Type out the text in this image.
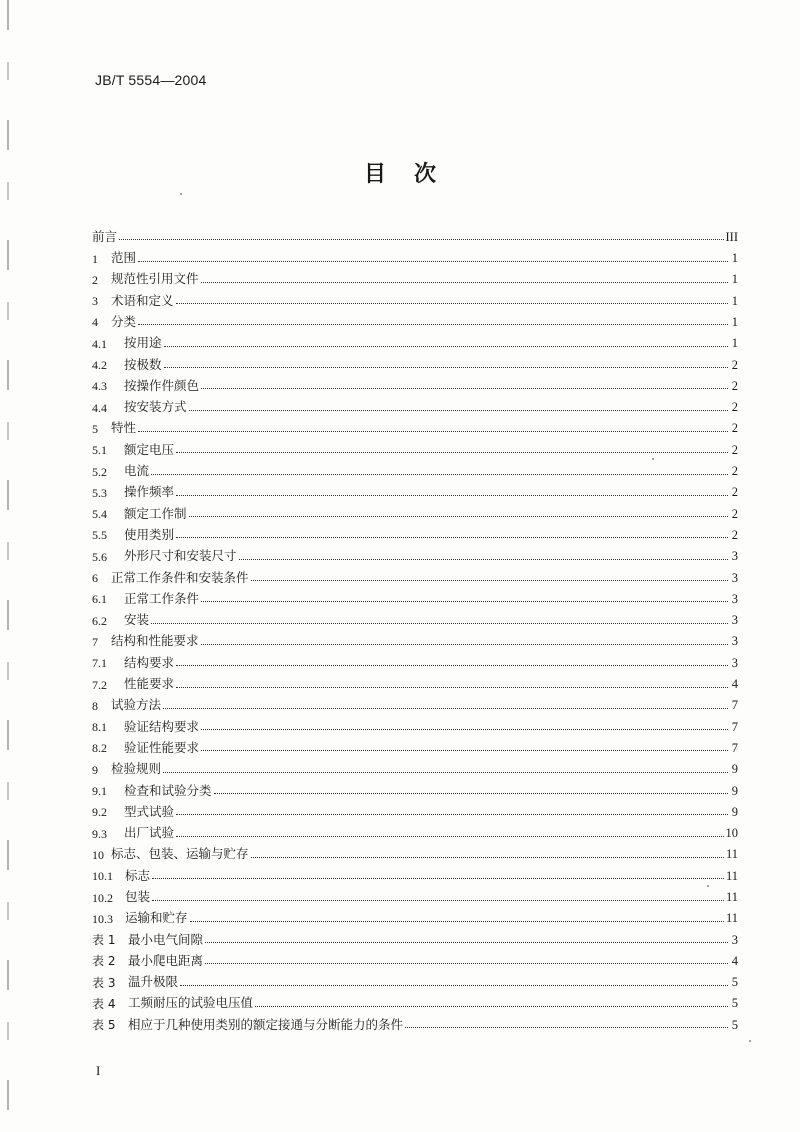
JB/T 5554—2004
目 次
前言	III
1	范围	1
2	规范性引用文件	1
3	术语和定义	1
4	分类	1
4.1	按用途	1
4.2	按极数	2
4.3	按操作件颜色	2
4.4	按安装方式	2
5	特性	2
5.1	额定电压	2
5.2	电流	2
5.3	操作频率	2
5.4	额定工作制	2
5.5	使用类别	2
5.6	外形尺寸和安装尺寸	3
6	正常工作条件和安装条件	3
6.1	正常工作条件	3
6.2	安装	3
7	结构和性能要求	3
7.1	结构要求	3
7.2	性能要求	4
8	试验方法	7
8.1	验证结构要求	7
8.2	验证性能要求	7
9	检验规则	9
9.1	检查和试验分类	9
9.2	型式试验	9
9.3	出厂试验	10
10 标志、包装、运输与贮存	11
10.1 标志	11
10.2 包装	11
10.3 运输和贮存	11
表 1	最小电气间隙	3
表 2	最小爬电距离	4
表 3	温升极限	5
表 4	工频耐压的试验电压值	5
表 5	相应于几种使用类别的额定接通与分断能力的条件	5
I
